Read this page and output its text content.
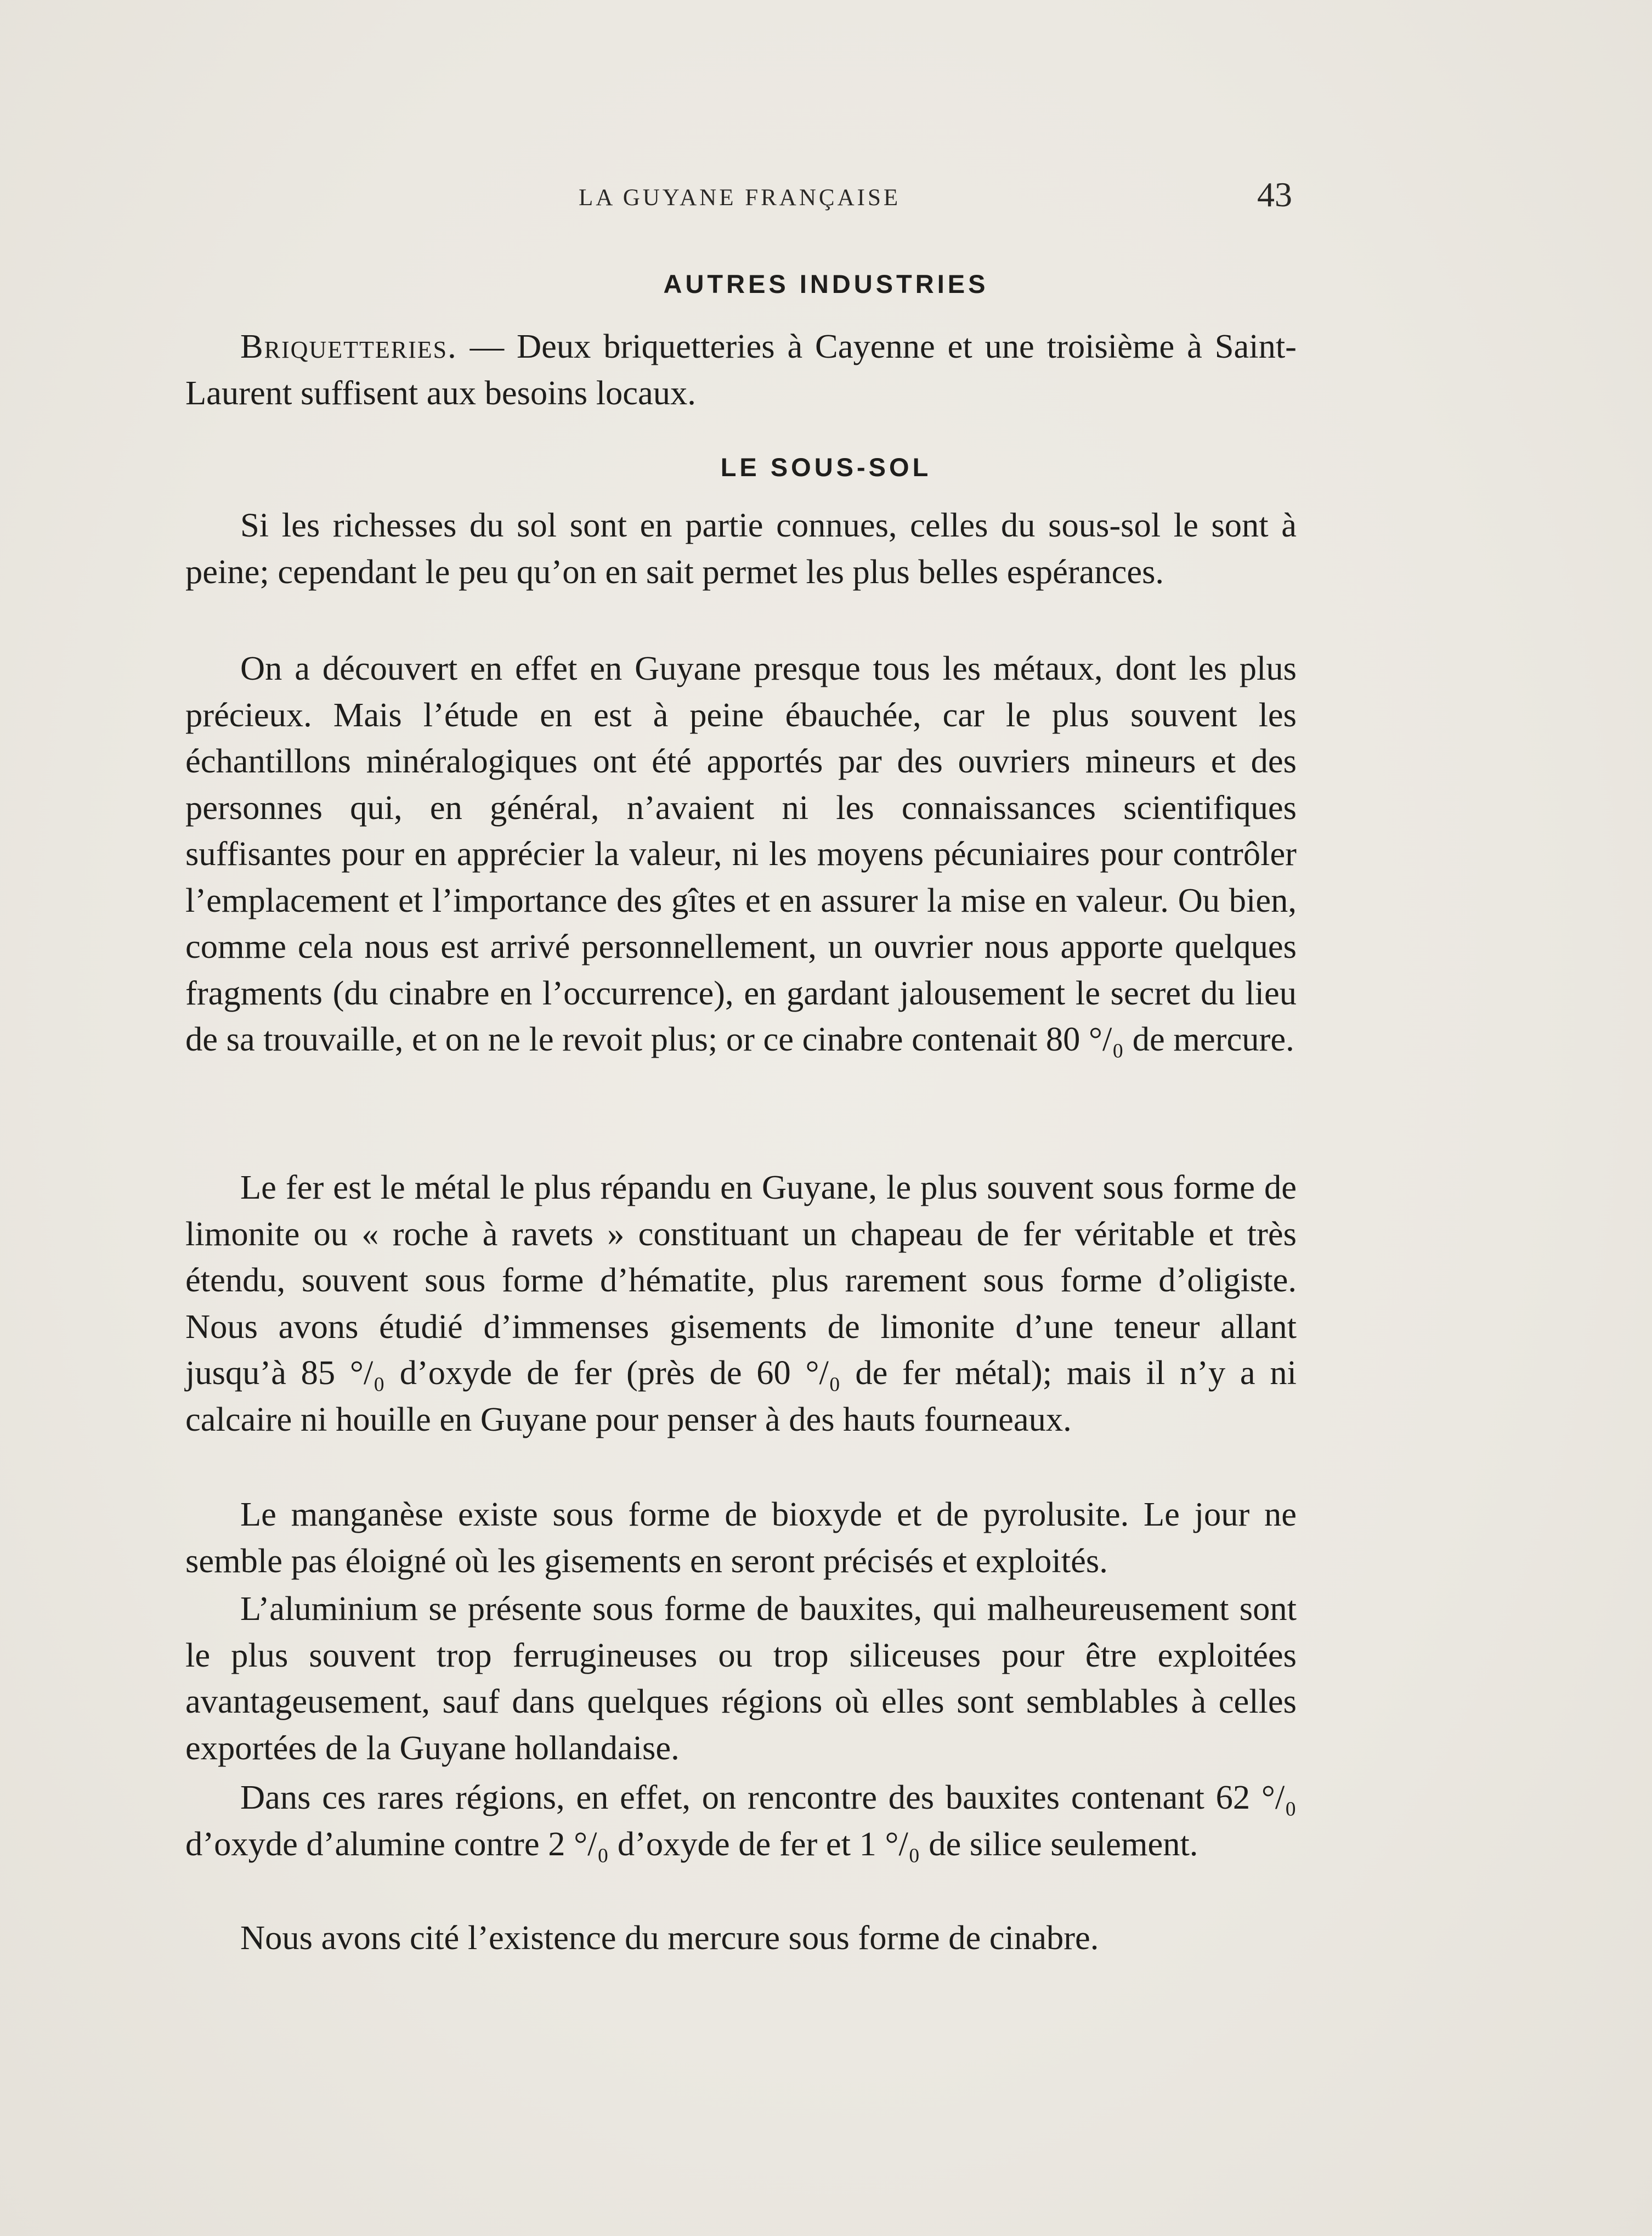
LA GUYANE FRANÇAISE	43
AUTRES INDUSTRIES

Briquetteries. — Deux briquetteries à Cayenne et une troisième à Saint-Laurent suffisent aux besoins locaux.

LE SOUS-SOL

Si les richesses du sol sont en partie connues, celles du sous-sol le sont à peine; cependant le peu qu’on en sait permet les plus belles espérances.

On a découvert en effet en Guyane presque tous les métaux, dont les plus précieux. Mais l’étude en est à peine ébauchée, car le plus souvent les échantillons minéralogiques ont été apportés par des ouvriers mineurs et des personnes qui, en général, n’avaient ni les connaissances scientifiques suffisantes pour en apprécier la valeur, ni les moyens pécuniaires pour contrôler l’emplacement et l’importance des gîtes et en assurer la mise en valeur. Ou bien, comme cela nous est arrivé personnellement, un ouvrier nous apporte quelques fragments (du cinabre en l’occurrence), en gardant jalousement le secret du lieu de sa trouvaille, et on ne le revoit plus; or ce cinabre contenait 80 °/₀ de mercure.

Le fer est le métal le plus répandu en Guyane, le plus souvent sous forme de limonite ou « roche à ravets » constituant un chapeau de fer véritable et très étendu, souvent sous forme d’hématite, plus rarement sous forme d’oligiste. Nous avons étudié d’immenses gisements de limonite d’une teneur allant jusqu’à 85 °/₀ d’oxyde de fer (près de 60 °/₀ de fer métal); mais il n’y a ni calcaire ni houille en Guyane pour penser à des hauts fourneaux.

Le manganèse existe sous forme de bioxyde et de pyrolusite. Le jour ne semble pas éloigné où les gisements en seront précisés et exploités.

L’aluminium se présente sous forme de bauxites, qui malheureusement sont le plus souvent trop ferrugineuses ou trop siliceuses pour être exploitées avantageusement, sauf dans quelques régions où elles sont semblables à celles exportées de la Guyane hollandaise.

Dans ces rares régions, en effet, on rencontre des bauxites contenant 62 °/₀ d’oxyde d’alumine contre 2 °/₀ d’oxyde de fer et 1 °/₀ de silice seulement.

Nous avons cité l’existence du mercure sous forme de cinabre.
